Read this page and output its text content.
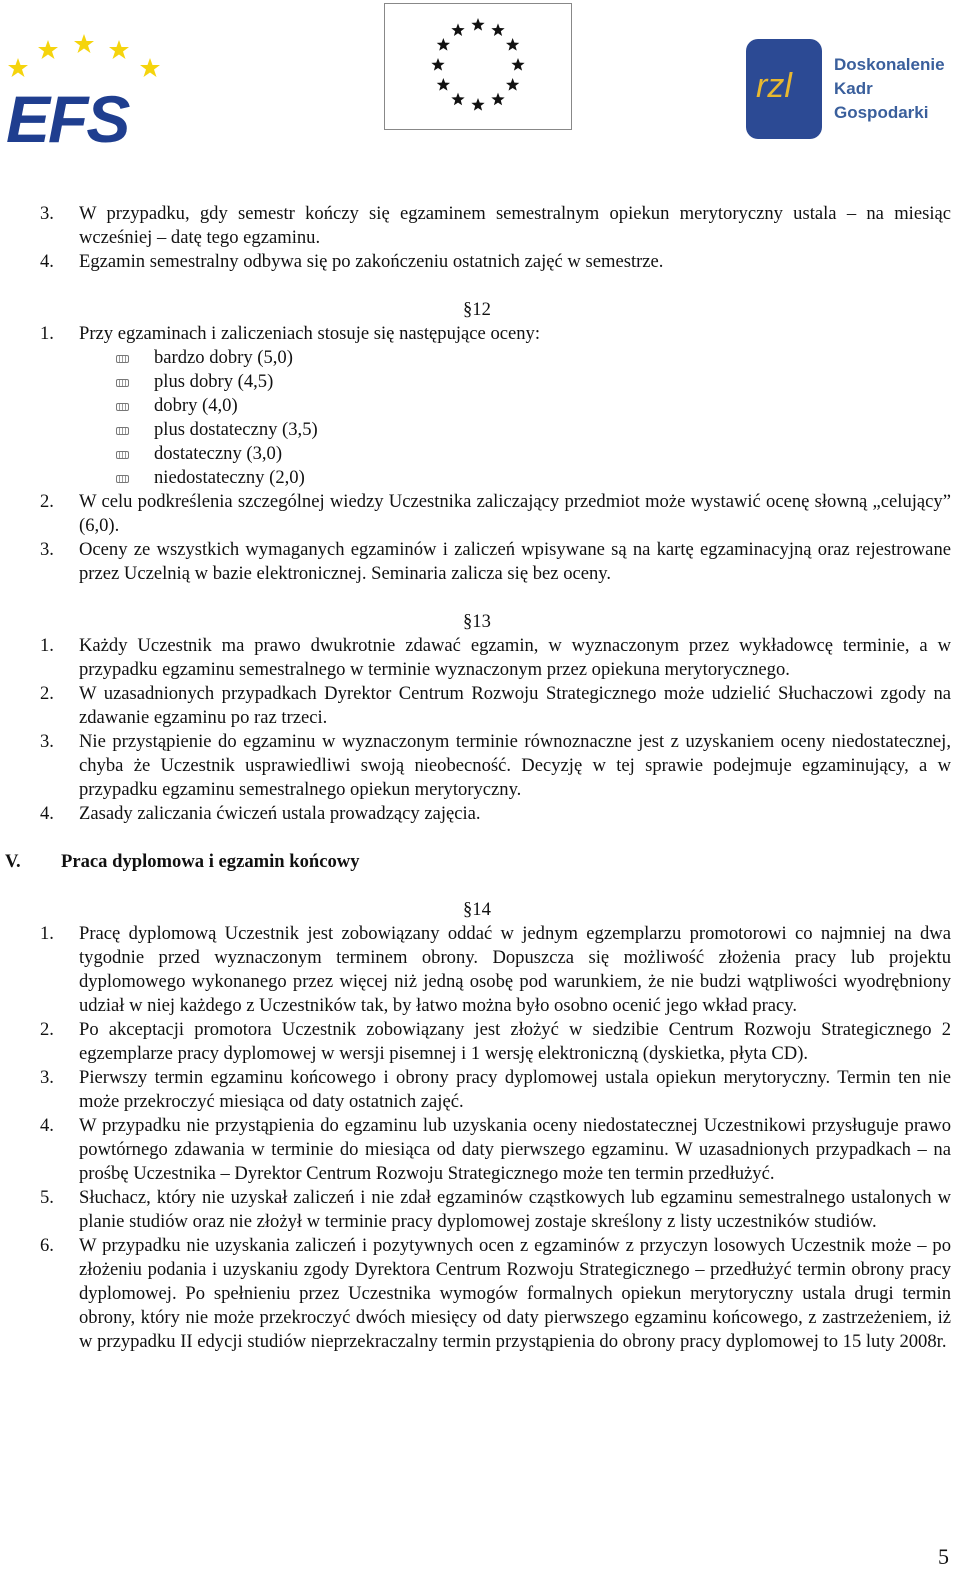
EFS	rzl
Doskonalenie
Kadr
Gospodarki
3. W przypadku, gdy semestr kończy się egzaminem semestralnym opiekun merytoryczny ustala – na miesiąc wcześniej – datę tego egzaminu.
4. Egzamin semestralny odbywa się po zakończeniu ostatnich zajęć w semestrze.
§12
1. Przy egzaminach i zaliczeniach stosuje się następujące oceny:
bardzo dobry (5,0)
plus dobry (4,5)
dobry (4,0)
plus dostateczny (3,5)
dostateczny (3,0)
niedostateczny (2,0)
2. W celu podkreślenia szczególnej wiedzy Uczestnika zaliczający przedmiot może wystawić ocenę słowną „celujący” (6,0).
3. Oceny ze wszystkich wymaganych egzaminów i zaliczeń wpisywane są na kartę egzaminacyjną oraz rejestrowane przez Uczelnią w bazie elektronicznej. Seminaria zalicza się bez oceny.
§13
1. Każdy Uczestnik ma prawo dwukrotnie zdawać egzamin, w wyznaczonym przez wykładowcę terminie, a w przypadku egzaminu semestralnego w terminie wyznaczonym przez opiekuna merytorycznego.
2. W uzasadnionych przypadkach Dyrektor Centrum Rozwoju Strategicznego może udzielić Słuchaczowi zgody na zdawanie egzaminu po raz trzeci.
3. Nie przystąpienie do egzaminu w wyznaczonym terminie równoznaczne jest z uzyskaniem oceny niedostatecznej, chyba że Uczestnik usprawiedliwi swoją nieobecność. Decyzję w tej sprawie podejmuje egzaminujący, a w przypadku egzaminu semestralnego opiekun merytoryczny.
4. Zasady zaliczania ćwiczeń ustala prowadzący zajęcia.
V. Praca dyplomowa i egzamin końcowy
§14
1. Pracę dyplomową Uczestnik jest zobowiązany oddać w jednym egzemplarzu promotorowi co najmniej na dwa tygodnie przed wyznaczonym terminem obrony. Dopuszcza się możliwość złożenia pracy lub projektu dyplomowego wykonanego przez więcej niż jedną osobę pod warunkiem, że nie budzi wątpliwości wyodrębniony udział w niej każdego z Uczestników tak, by łatwo można było osobno ocenić jego wkład pracy.
2. Po akceptacji promotora Uczestnik zobowiązany jest złożyć w siedzibie Centrum Rozwoju Strategicznego 2 egzemplarze pracy dyplomowej w wersji pisemnej i 1 wersję elektroniczną (dyskietka, płyta CD).
3. Pierwszy termin egzaminu końcowego i obrony pracy dyplomowej ustala opiekun merytoryczny. Termin ten nie może przekroczyć miesiąca od daty ostatnich zajęć.
4. W przypadku nie przystąpienia do egzaminu lub uzyskania oceny niedostatecznej Uczestnikowi przysługuje prawo powtórnego zdawania w terminie do miesiąca od daty pierwszego egzaminu. W uzasadnionych przypadkach – na prośbę Uczestnika – Dyrektor Centrum Rozwoju Strategicznego może ten termin przedłużyć.
5. Słuchacz, który nie uzyskał zaliczeń i nie zdał egzaminów cząstkowych lub egzaminu semestralnego ustalonych w planie studiów oraz nie złożył w terminie pracy dyplomowej zostaje skreślony z listy uczestników studiów.
6. W przypadku nie uzyskania zaliczeń i pozytywnych ocen z egzaminów z przyczyn losowych Uczestnik może – po złożeniu podania i uzyskaniu zgody Dyrektora Centrum Rozwoju Strategicznego – przedłużyć termin obrony pracy dyplomowej. Po spełnieniu przez Uczestnika wymogów formalnych opiekun merytoryczny ustala drugi termin obrony, który nie może przekroczyć dwóch miesięcy od daty pierwszego egzaminu końcowego, z zastrzeżeniem, iż w przypadku II edycji studiów nieprzekraczalny termin przystąpienia do obrony pracy dyplomowej to 15 luty 2008r.
5
